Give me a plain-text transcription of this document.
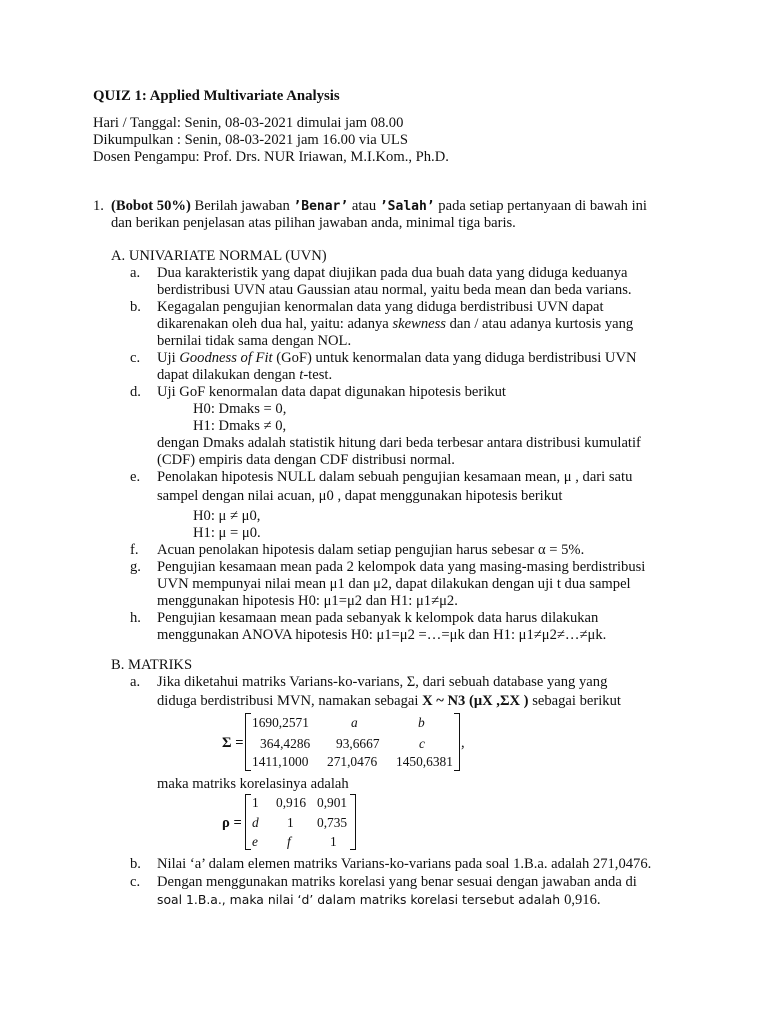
QUIZ 1: Applied Multivariate Analysis
Hari / Tanggal: Senin, 08-03-2021 dimulai jam 08.00
Dikumpulkan : Senin, 08-03-2021 jam 16.00 via ULS
Dosen Pengampu: Prof. Drs. NUR Iriawan, M.I.Kom., Ph.D.
1. (Bobot 50%) Berilah jawaban ’Benar’ atau ’Salah’ pada setiap pertanyaan di bawah ini
dan berikan penjelasan atas pilihan jawaban anda, minimal tiga baris.
A. UNIVARIATE NORMAL (UVN)
a. Dua karakteristik yang dapat diujikan pada dua buah data yang diduga keduanya
berdistribusi UVN atau Gaussian atau normal, yaitu beda mean dan beda varians.
b. Kegagalan pengujian kenormalan data yang diduga berdistribusi UVN dapat
dikarenakan oleh dua hal, yaitu: adanya skewness dan / atau adanya kurtosis yang
bernilai tidak sama dengan NOL.
c. Uji Goodness of Fit (GoF) untuk kenormalan data yang diduga berdistribusi UVN
dapat dilakukan dengan t-test.
d. Uji GoF kenormalan data dapat digunakan hipotesis berikut
H0: Dmaks = 0,
H1: Dmaks ≠ 0,
dengan Dmaks adalah statistik hitung dari beda terbesar antara distribusi kumulatif
(CDF) empiris data dengan CDF distribusi normal.
e. Penolakan hipotesis NULL dalam sebuah pengujian kesamaan mean, μ , dari satu
sampel dengan nilai acuan, μ0 , dapat menggunakan hipotesis berikut
H0: μ ≠ μ0,
H1: μ = μ0.
f. Acuan penolakan hipotesis dalam setiap pengujian harus sebesar α = 5%.
g. Pengujian kesamaan mean pada 2 kelompok data yang masing-masing berdistribusi
UVN mempunyai nilai mean μ1 dan μ2, dapat dilakukan dengan uji t dua sampel
menggunakan hipotesis H0: μ1=μ2 dan H1: μ1≠μ2.
h. Pengujian kesamaan mean pada sebanyak k kelompok data harus dilakukan
menggunakan ANOVA hipotesis H0: μ1=μ2 =…=μk dan H1: μ1≠μ2≠…≠μk.
B. MATRIKS
a. Jika diketahui matriks Varians-ko-varians, Σ, dari sebuah database yang yang
diduga berdistribusi MVN, namakan sebagai X ~ N3 (μX ,ΣX ) sebagai berikut
Σ =
1690,2571	a	b
364,4286 93,6667	c
1411,1000 271,0476 1450,6381
,
maka matriks korelasinya adalah
ρ =
1 0,916 0,901
d 1 0,735
e f	1
b. Nilai ‘a’ dalam elemen matriks Varians-ko-varians pada soal 1.B.a. adalah 271,0476.
c. Dengan menggunakan matriks korelasi yang benar sesuai dengan jawaban anda di
soal 1.B.a., maka nilai ‘d’ dalam matriks korelasi tersebut adalah 0,916.
